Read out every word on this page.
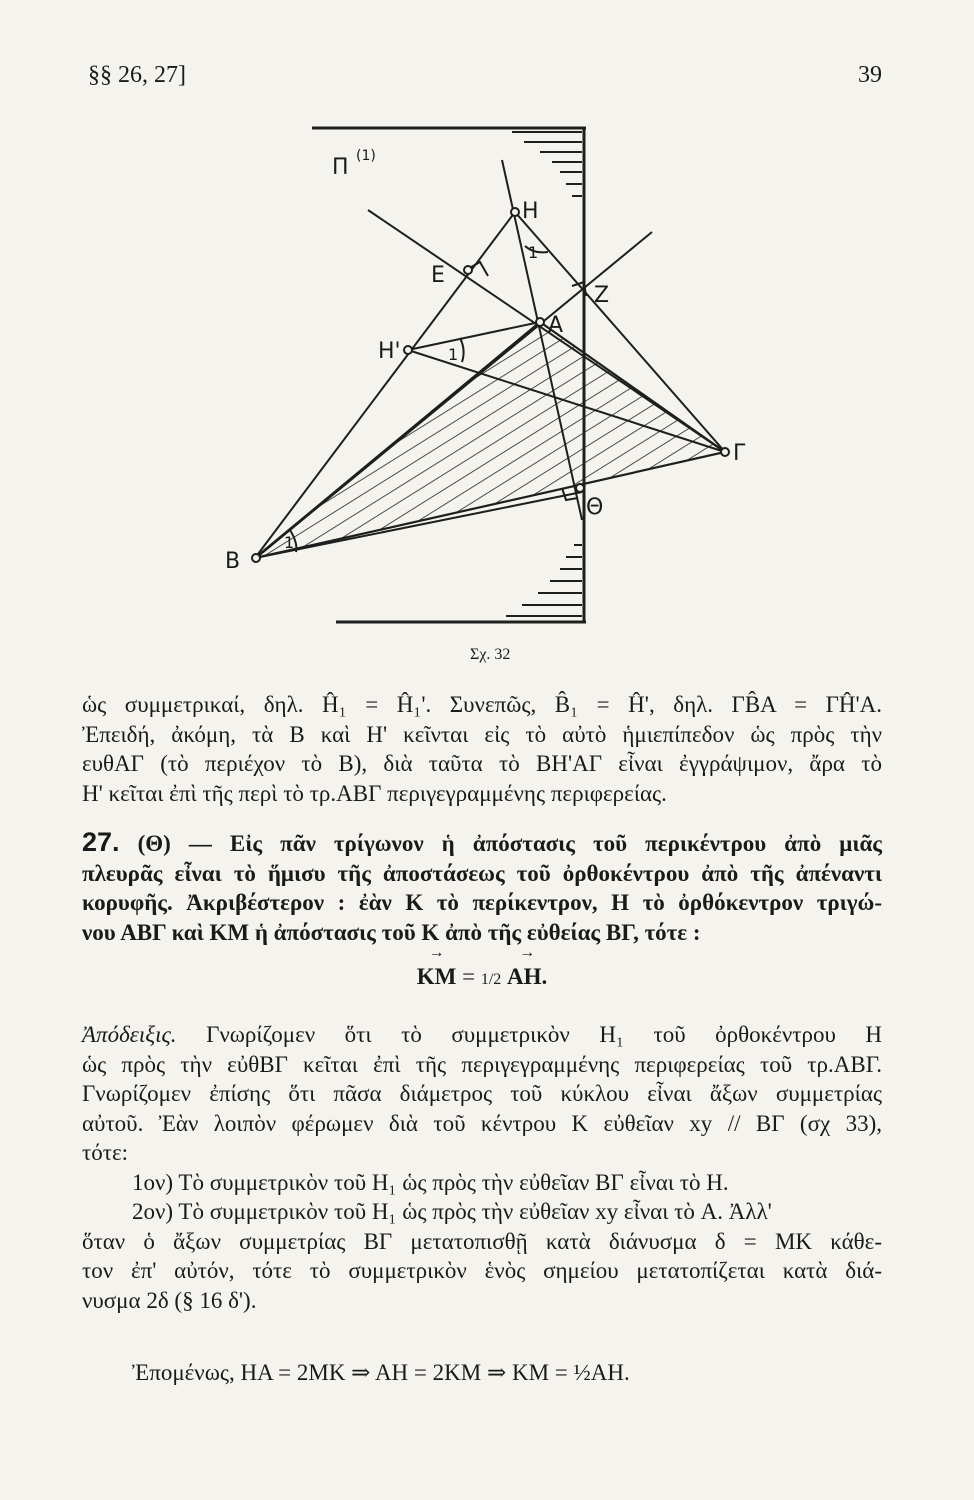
§§ 26, 27]	39
Π (1)
H
E
Z
A
H'
Γ
Θ
B
1
1
1
Σχ. 32
ὡς συμμετρικαί, δηλ. Ĥ₁ = Ĥ₁'. Συνεπῶς, B̂₁ = Ĥ', δηλ. ΓB̂A = ΓĤ'A.
Ἐπειδή, ἀκόμη, τὰ B καὶ H' κεῖνται εἰς τὸ αὐτὸ ἡμιεπίπεδον ὡς πρὸς τὴν
ευθΑΓ (τὸ περιέχον τὸ B), διὰ ταῦτα τὸ BH'ΑΓ εἶναι ἐγγράψιμον, ἄρα τὸ
H' κεῖται ἐπὶ τῆς περὶ τὸ τρ.ΑΒΓ περιγεγραμμένης περιφερείας.
27. (Θ) — Εἰς πᾶν τρίγωνον ἡ ἀπόστασις τοῦ περικέντρου ἀπὸ μιᾶς
πλευρᾶς εἶναι τὸ ἥμισυ τῆς ἀποστάσεως τοῦ ὀρθοκέντρου ἀπὸ τῆς ἀπέναντι
κορυφῆς. Ἀκριβέστερον : ἐὰν K τὸ περίκεντρον, H τὸ ὀρθόκεντρον τριγώ-
νου ΑΒΓ καὶ KM ἡ ἀπόστασις τοῦ K ἀπὸ τῆς εὐθείας ΒΓ, τότε :
→ KM = 1/2 → AH.
Ἀπόδειξις. Γνωρίζομεν ὅτι τὸ συμμετρικὸν H₁ τοῦ ὀρθοκέντρου H
ὡς πρὸς τὴν εὐθΒΓ κεῖται ἐπὶ τῆς περιγεγραμμένης περιφερείας τοῦ τρ.ΑΒΓ.
Γνωρίζομεν ἐπίσης ὅτι πᾶσα διάμετρος τοῦ κύκλου εἶναι ἄξων συμμετρίας
αὐτοῦ. Ἐὰν λοιπὸν φέρωμεν διὰ τοῦ κέντρου K εὐθεῖαν xy // ΒΓ (σχ 33),
τότε:
1ον) Τὸ συμμετρικὸν τοῦ H₁ ὡς πρὸς τὴν εὐθεῖαν ΒΓ εἶναι τὸ H.
2ον) Τὸ συμμετρικὸν τοῦ H₁ ὡς πρὸς τὴν εὐθεῖαν xy εἶναι τὸ A. Ἀλλ'
ὅταν ὁ ἄξων συμμετρίας ΒΓ μετατοπισθῇ κατὰ διάνυσμα δ = MK κάθε-
τον ἐπ' αὐτόν, τότε τὸ συμμετρικὸν ἑνὸς σημείου μετατοπίζεται κατὰ διά-
νυσμα 2δ (§ 16 δ').
Ἐπομένως, HA = 2MK ⇒ AH = 2KM ⇒ KM = ½AH.
